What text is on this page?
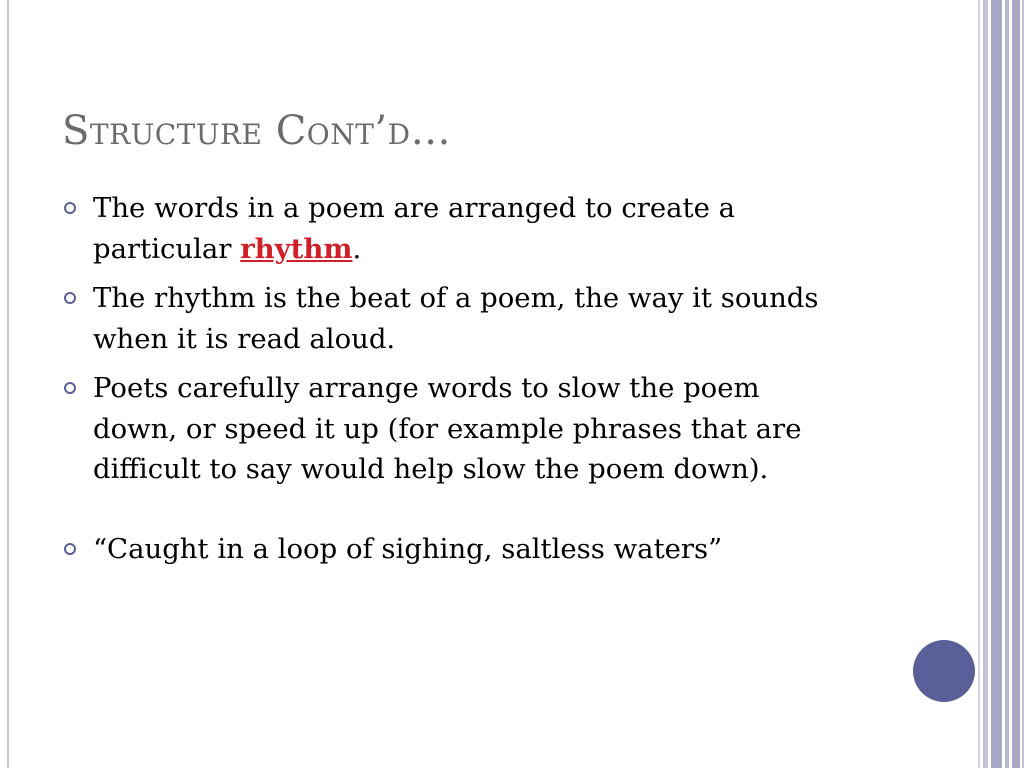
Structure Cont’d…
The words in a poem are arranged to create a particular rhythm.
The rhythm is the beat of a poem, the way it sounds when it is read aloud.
Poets carefully arrange words to slow the poem down, or speed it up (for example phrases that are difficult to say would help slow the poem down).
“Caught in a loop of sighing, saltless waters”
